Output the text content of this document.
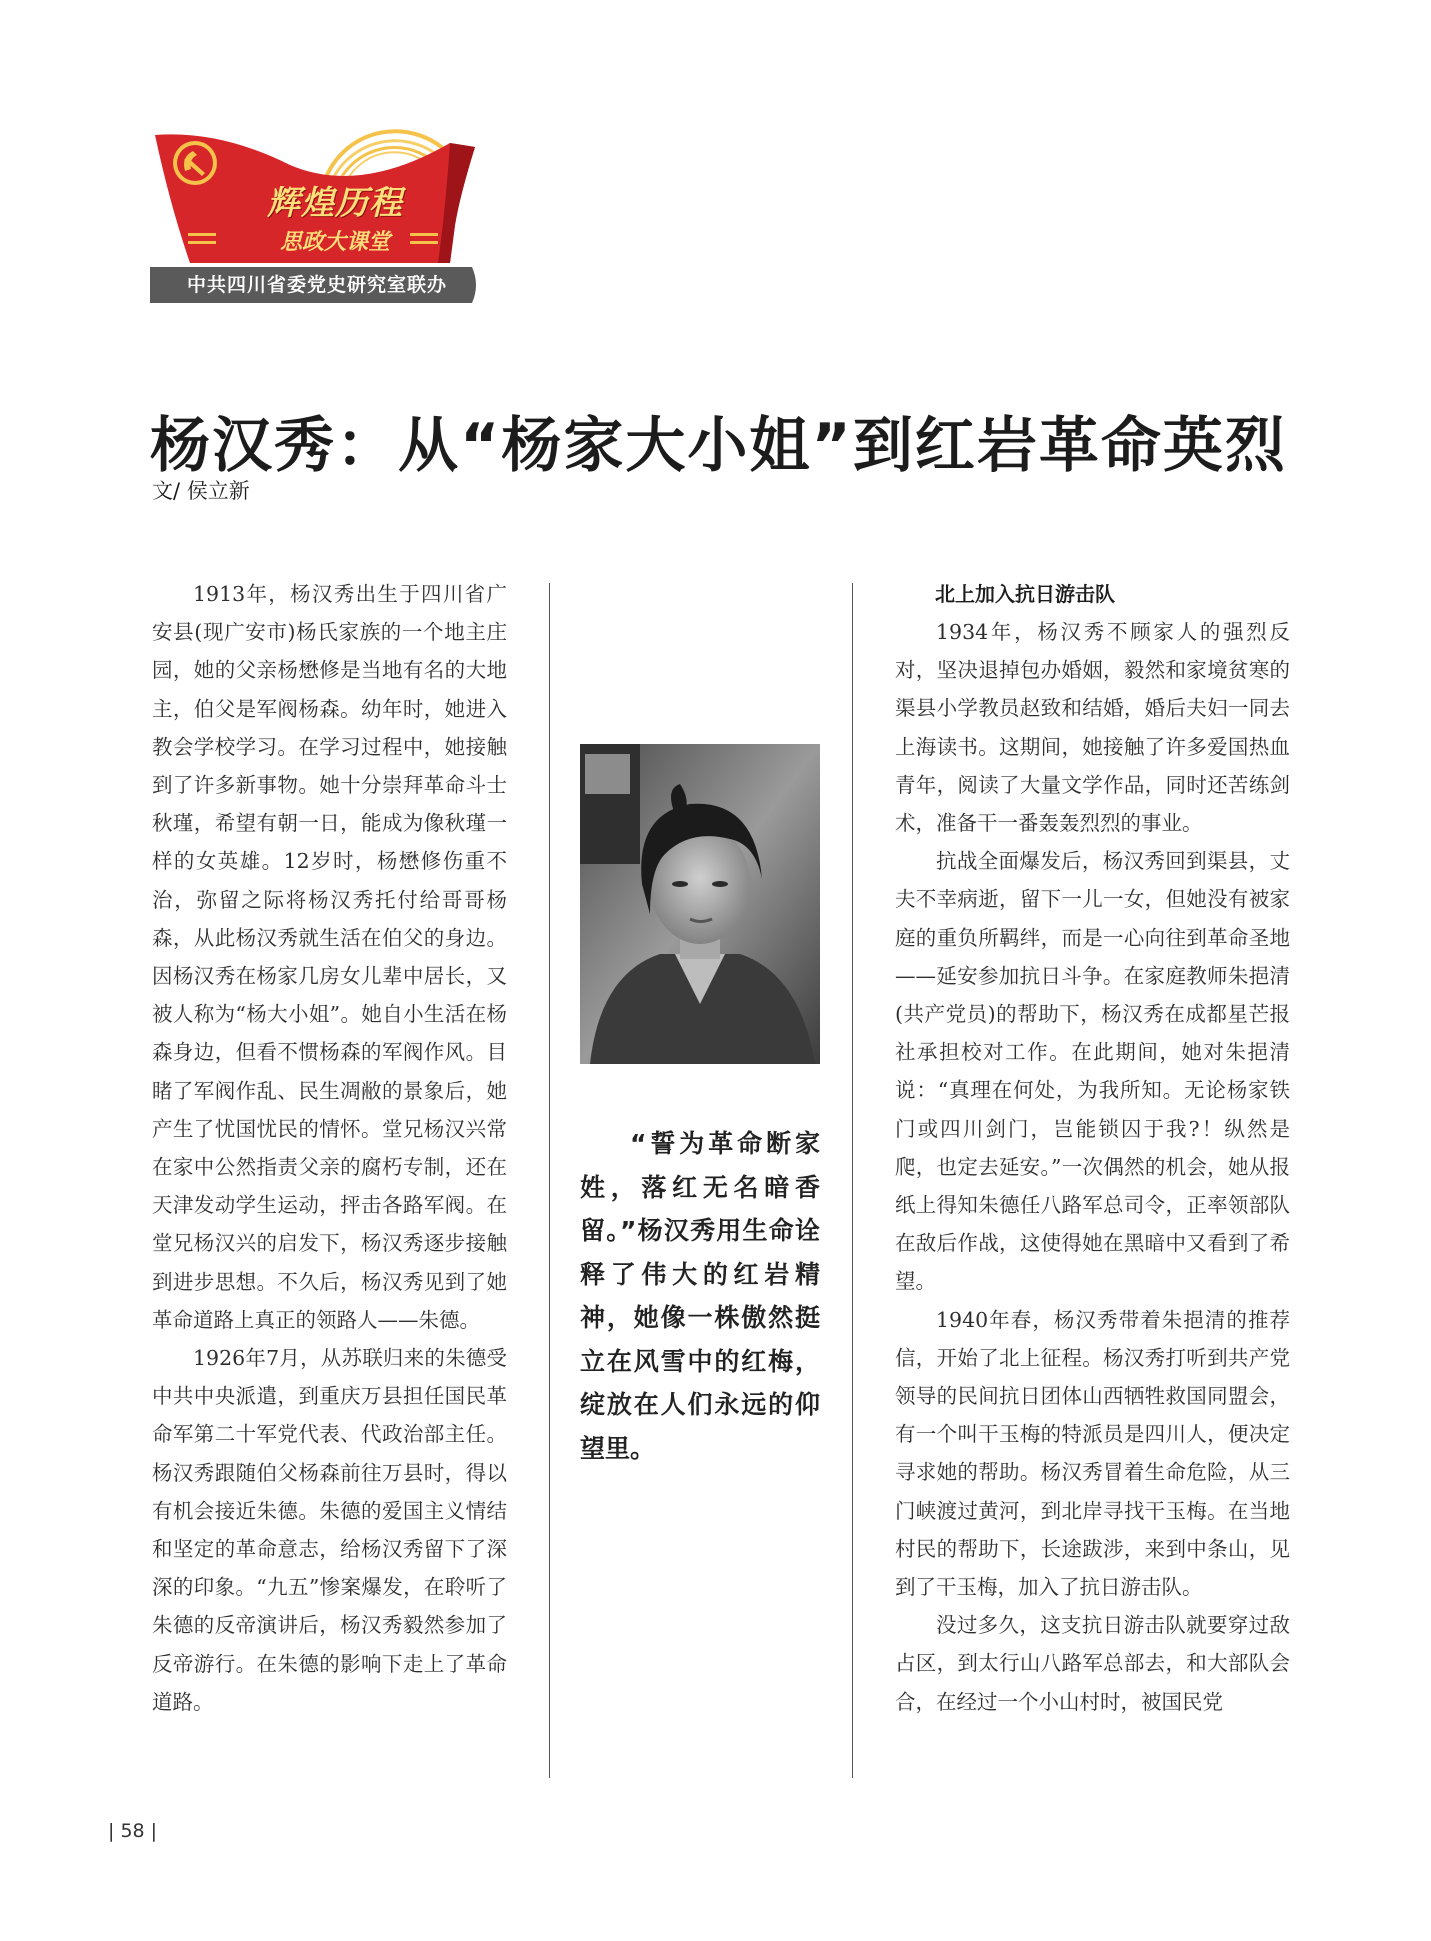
辉煌历程
思政大课堂
中共四川省委党史研究室联办
杨汉秀：从“杨家大小姐”到红岩革命英烈
文/ 侯立新

1913年，杨汉秀出生于四川省广安县(现广安市)杨氏家族的一个地主庄园，她的父亲杨懋修是当地有名的大地主，伯父是军阀杨森。幼年时，她进入教会学校学习。在学习过程中，她接触到了许多新事物。她十分崇拜革命斗士秋瑾，希望有朝一日，能成为像秋瑾一样的女英雄。12岁时，杨懋修伤重不治，弥留之际将杨汉秀托付给哥哥杨森，从此杨汉秀就生活在伯父的身边。因杨汉秀在杨家几房女儿辈中居长，又被人称为“杨大小姐”。她自小生活在杨森身边，但看不惯杨森的军阀作风。目睹了军阀作乱、民生凋敝的景象后，她产生了忧国忧民的情怀。堂兄杨汉兴常在家中公然指责父亲的腐朽专制，还在天津发动学生运动，抨击各路军阀。在堂兄杨汉兴的启发下，杨汉秀逐步接触到进步思想。不久后，杨汉秀见到了她革命道路上真正的领路人——朱德。

1926年7月，从苏联归来的朱德受中共中央派遣，到重庆万县担任国民革命军第二十军党代表、代政治部主任。杨汉秀跟随伯父杨森前往万县时，得以有机会接近朱德。朱德的爱国主义情结和坚定的革命意志，给杨汉秀留下了深深的印象。“九五”惨案爆发，在聆听了朱德的反帝演讲后，杨汉秀毅然参加了反帝游行。在朱德的影响下走上了革命道路。

“誓为革命断家姓，落红无名暗香留。”杨汉秀用生命诠释了伟大的红岩精神，她像一株傲然挺立在风雪中的红梅，绽放在人们永远的仰望里。

北上加入抗日游击队

1934年，杨汉秀不顾家人的强烈反对，坚决退掉包办婚姻，毅然和家境贫寒的渠县小学教员赵致和结婚，婚后夫妇一同去上海读书。这期间，她接触了许多爱国热血青年，阅读了大量文学作品，同时还苦练剑术，准备干一番轰轰烈烈的事业。

抗战全面爆发后，杨汉秀回到渠县，丈夫不幸病逝，留下一儿一女，但她没有被家庭的重负所羁绊，而是一心向往到革命圣地——延安参加抗日斗争。在家庭教师朱挹清(共产党员)的帮助下，杨汉秀在成都星芒报社承担校对工作。在此期间，她对朱挹清说：“真理在何处，为我所知。无论杨家铁门或四川剑门，岂能锁囚于我?！纵然是爬，也定去延安。”一次偶然的机会，她从报纸上得知朱德任八路军总司令，正率领部队在敌后作战，这使得她在黑暗中又看到了希望。

1940年春，杨汉秀带着朱挹清的推荐信，开始了北上征程。杨汉秀打听到共产党领导的民间抗日团体山西牺牲救国同盟会，有一个叫干玉梅的特派员是四川人，便决定寻求她的帮助。杨汉秀冒着生命危险，从三门峡渡过黄河，到北岸寻找干玉梅。在当地村民的帮助下，长途跋涉，来到中条山，见到了干玉梅，加入了抗日游击队。

没过多久，这支抗日游击队就要穿过敌占区，到太行山八路军总部去，和大部队会合，在经过一个小山村时，被国民党

| 58 |
